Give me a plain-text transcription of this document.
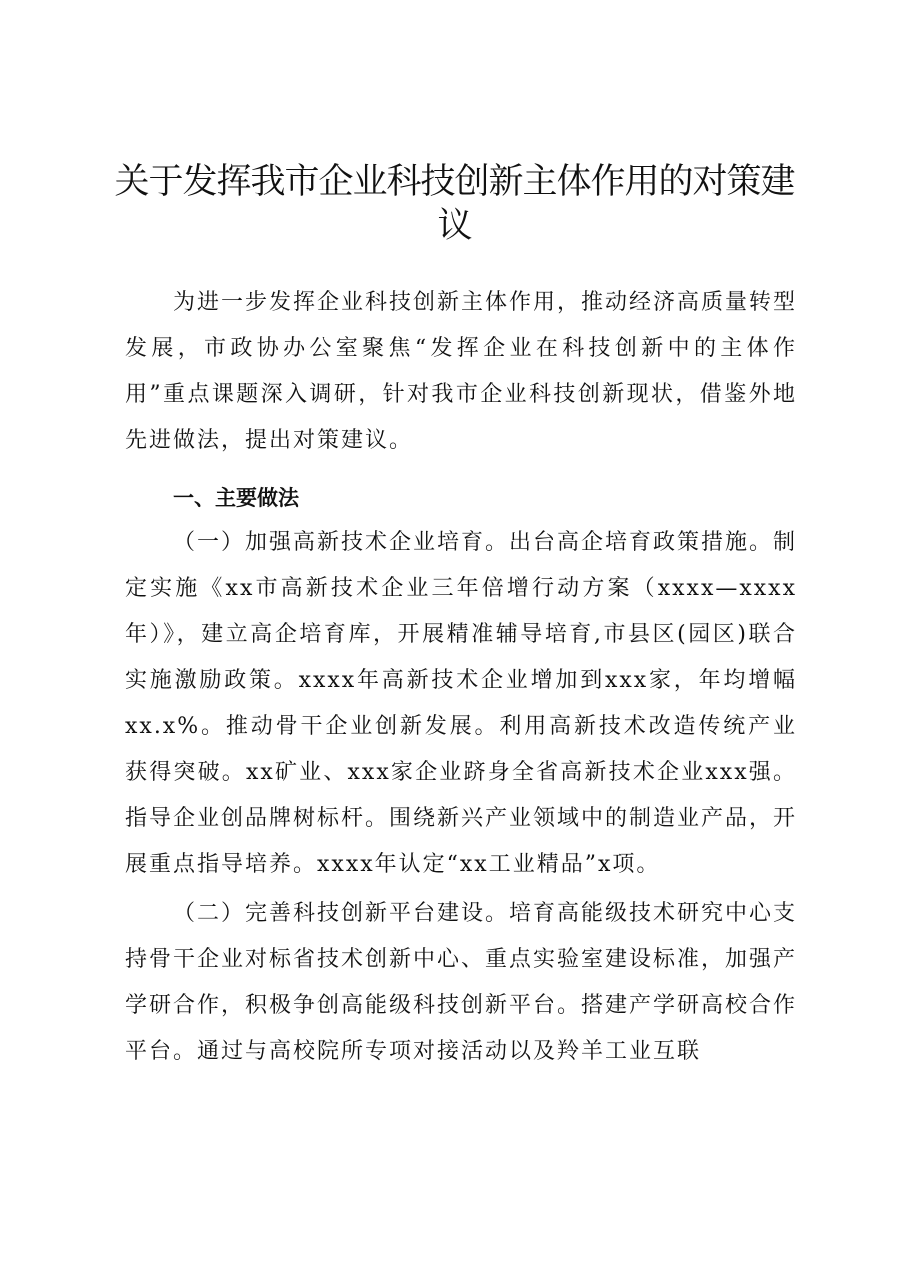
关于发挥我市企业科技创新主体作用的对策建议

为进一步发挥企业科技创新主体作用，推动经济高质量转型发展，市政协办公室聚焦“发挥企业在科技创新中的主体作用”重点课题深入调研，针对我市企业科技创新现状，借鉴外地先进做法，提出对策建议。

一、主要做法

（一）加强高新技术企业培育。出台高企培育政策措施。制定实施《xx市高新技术企业三年倍增行动方案（xxxx—xxxx年）》，建立高企培育库，开展精准辅导培育,市县区(园区)联合实施激励政策。xxxx年高新技术企业增加到xxx家，年均增幅xx.x%。推动骨干企业创新发展。利用高新技术改造传统产业获得突破。xx矿业、xxx家企业跻身全省高新技术企业xxx强。指导企业创品牌树标杆。围绕新兴产业领域中的制造业产品，开展重点指导培养。xxxx年认定“xx工业精品”x项。

（二）完善科技创新平台建设。培育高能级技术研究中心支持骨干企业对标省技术创新中心、重点实验室建设标准，加强产学研合作，积极争创高能级科技创新平台。搭建产学研高校合作平台。通过与高校院所专项对接活动以及羚羊工业互联
